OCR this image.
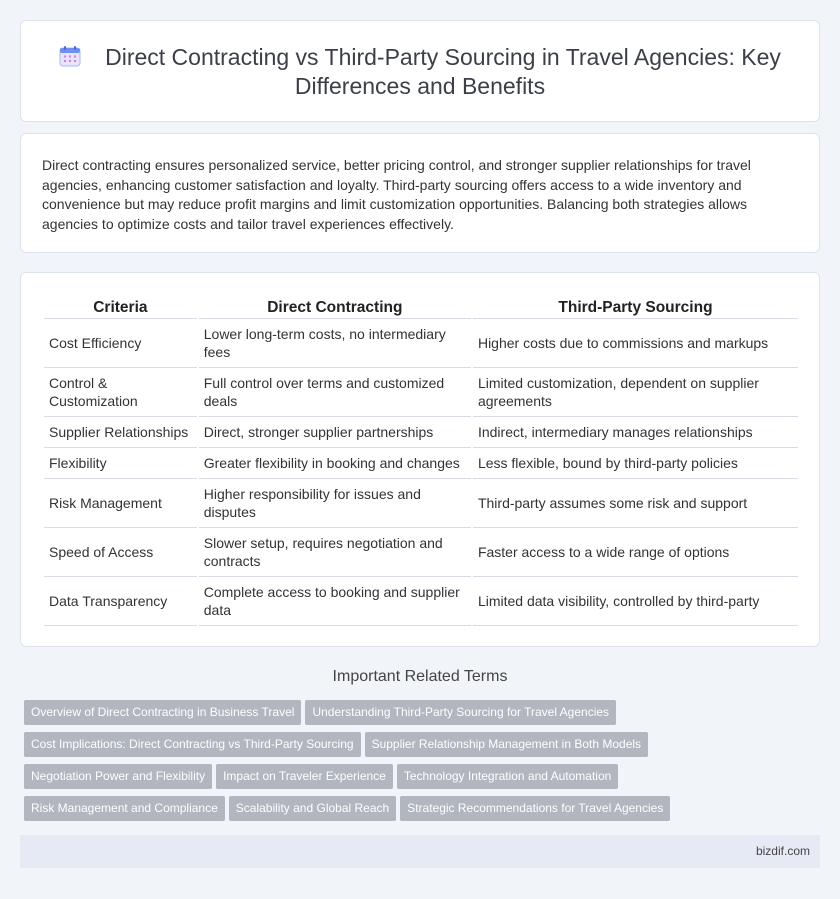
Direct Contracting vs Third-Party Sourcing in Travel Agencies: Key Differences and Benefits

Direct contracting ensures personalized service, better pricing control, and stronger supplier relationships for travel agencies, enhancing customer satisfaction and loyalty. Third-party sourcing offers access to a wide inventory and convenience but may reduce profit margins and limit customization opportunities. Balancing both strategies allows agencies to optimize costs and tailor travel experiences effectively.

Criteria	Direct Contracting	Third-Party Sourcing
Cost Efficiency	Lower long-term costs, no intermediary fees	Higher costs due to commissions and markups
Control & Customization	Full control over terms and customized deals	Limited customization, dependent on supplier agreements
Supplier Relationships	Direct, stronger supplier partnerships	Indirect, intermediary manages relationships
Flexibility	Greater flexibility in booking and changes	Less flexible, bound by third-party policies
Risk Management	Higher responsibility for issues and disputes	Third-party assumes some risk and support
Speed of Access	Slower setup, requires negotiation and contracts	Faster access to a wide range of options
Data Transparency	Complete access to booking and supplier data	Limited data visibility, controlled by third-party
Important Related Terms
Overview of Direct Contracting in Business Travel Understanding Third-Party Sourcing for Travel Agencies
Cost Implications: Direct Contracting vs Third-Party Sourcing Supplier Relationship Management in Both Models
Negotiation Power and Flexibility Impact on Traveler Experience Technology Integration and Automation
Risk Management and Compliance Scalability and Global Reach Strategic Recommendations for Travel Agencies
bizdif.com
